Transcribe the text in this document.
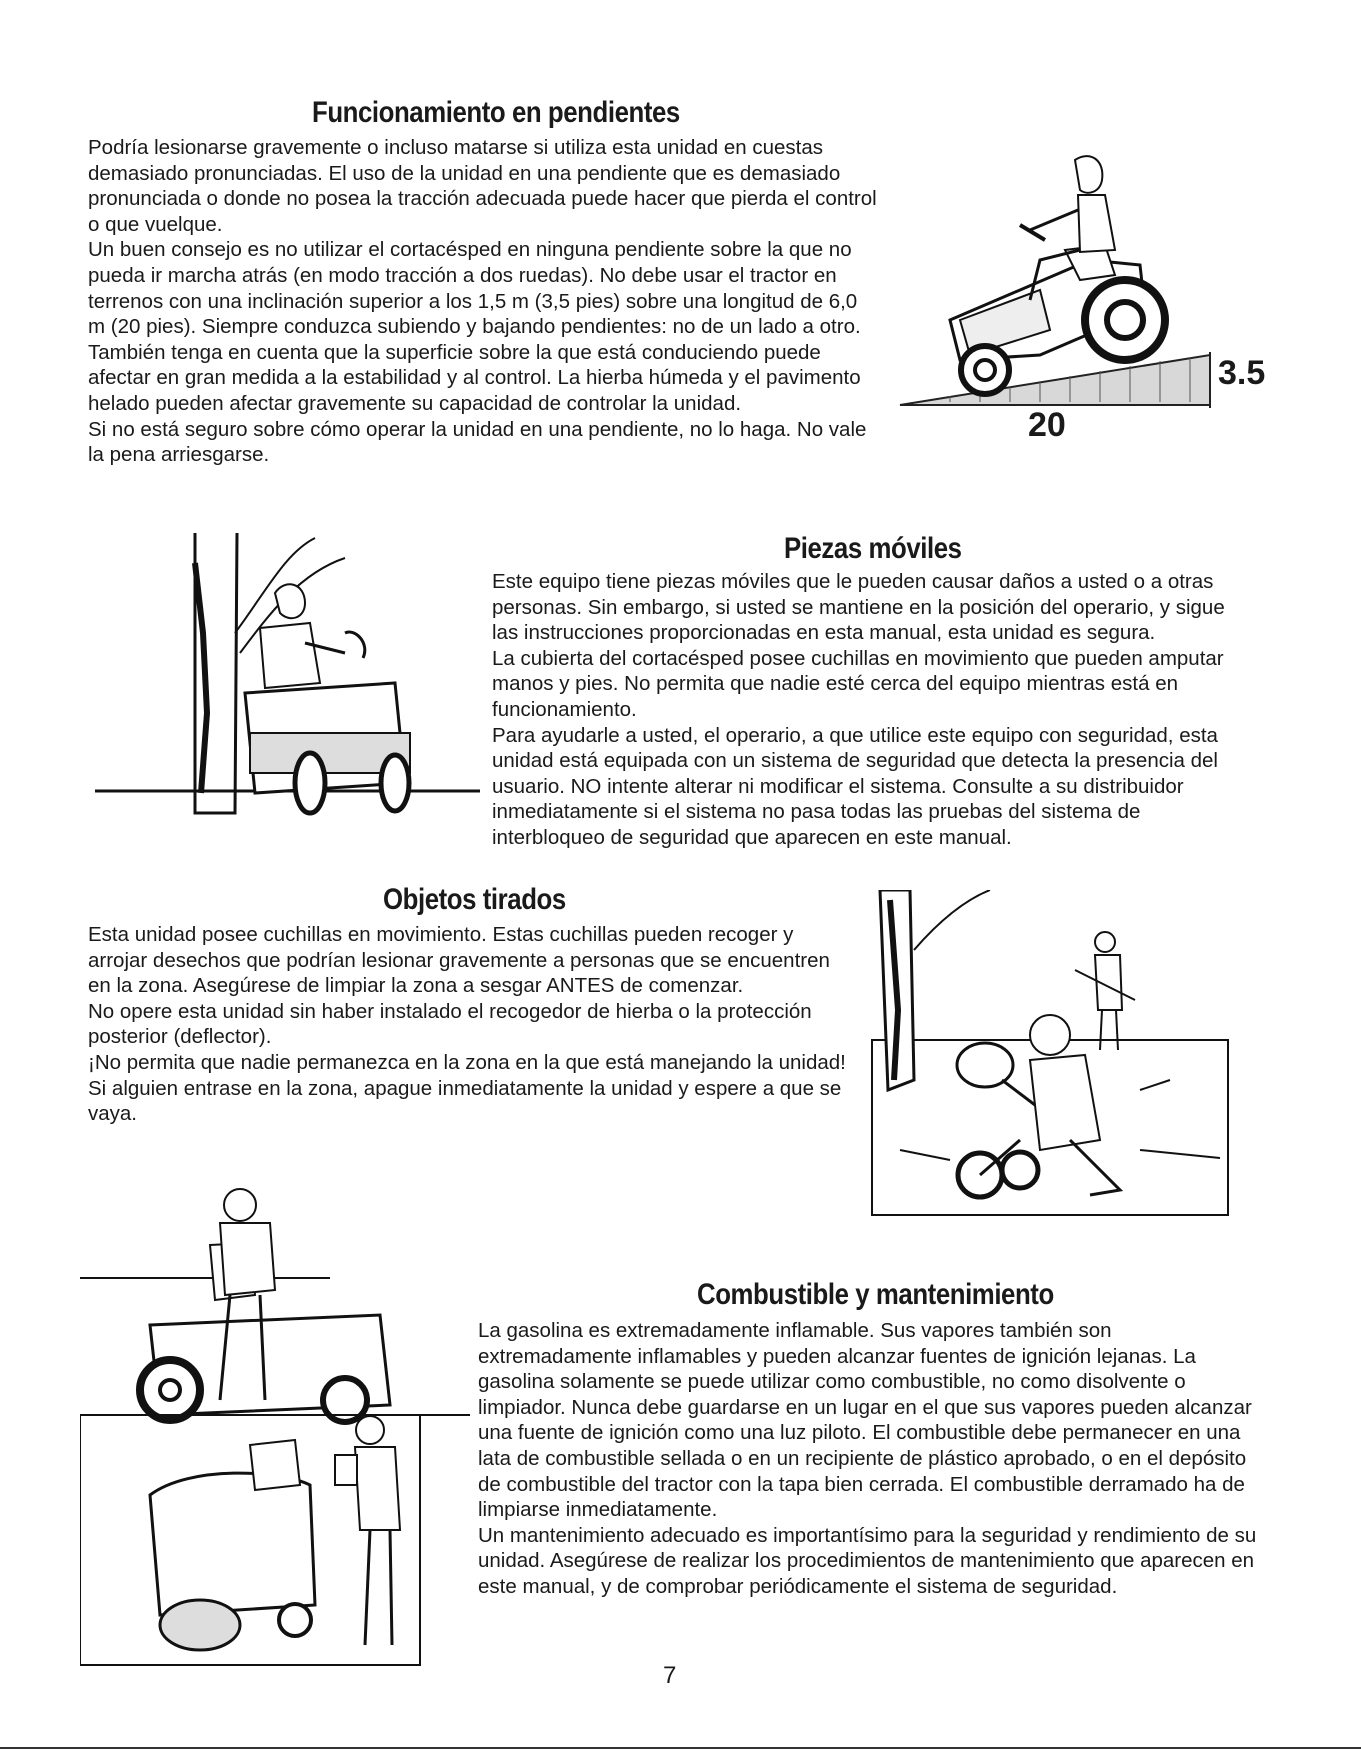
Funcionamiento en pendientes

Podría lesionarse gravemente o incluso matarse si utiliza esta unidad en cuestas demasiado pronunciadas. El uso de la unidad en una pendiente que es demasiado pronunciada o donde no posea la tracción adecuada puede hacer que pierda el control o que vuelque.

Un buen consejo es no utilizar el cortacésped en ninguna pendiente sobre la que no pueda ir marcha atrás (en modo tracción a dos ruedas). No debe usar el tractor en terrenos con una inclinación superior a los 1,5 m (3,5 pies) sobre una longitud de 6,0 m (20 pies). Siempre conduzca subiendo y bajando pendientes: no de un lado a otro.

También tenga en cuenta que la superficie sobre la que está conduciendo puede afectar en gran medida a la estabilidad y al control. La hierba húmeda y el pavimento helado pueden afectar gravemente su capacidad de controlar la unidad.

Si no está seguro sobre cómo operar la unidad en una pendiente, no lo haga. No vale la pena arriesgarse.

3.5
20
Piezas móviles

Este equipo tiene piezas móviles que le pueden causar daños a usted o a otras personas. Sin embargo, si usted se mantiene en la posición del operario, y sigue las instrucciones proporcionadas en esta manual, esta unidad es segura.

La cubierta del cortacésped posee cuchillas en movimiento que pueden amputar manos y pies. No permita que nadie esté cerca del equipo mientras está en funcionamiento.

Para ayudarle a usted, el operario, a que utilice este equipo con seguridad, esta unidad está equipada con un sistema de seguridad que detecta la presencia del usuario. NO intente alterar ni modificar el sistema. Consulte a su distribuidor inmediatamente si el sistema no pasa todas las pruebas del sistema de interbloqueo de seguridad que aparecen en este manual.

Objetos tirados

Esta unidad posee cuchillas en movimiento. Estas cuchillas pueden recoger y arrojar desechos que podrían lesionar gravemente a personas que se encuentren en la zona. Asegúrese de limpiar la zona a sesgar ANTES de comenzar.

No opere esta unidad sin haber instalado el recogedor de hierba o la protección posterior (deflector).

¡No permita que nadie permanezca en la zona en la que está manejando la unidad! Si alguien entrase en la zona, apague inmediatamente la unidad y espere a que se vaya.

Combustible y mantenimiento

La gasolina es extremadamente inflamable. Sus vapores también son extremadamente inflamables y pueden alcanzar fuentes de ignición lejanas. La gasolina solamente se puede utilizar como combustible, no como disolvente o limpiador. Nunca debe guardarse en un lugar en el que sus vapores pueden alcanzar una fuente de ignición como una luz piloto. El combustible debe permanecer en una lata de combustible sellada o en un recipiente de plástico aprobado, o en el depósito de combustible del tractor con la tapa bien cerrada. El combustible derramado ha de limpiarse inmediatamente.

Un mantenimiento adecuado es importantísimo para la seguridad y rendimiento de su unidad. Asegúrese de realizar los procedimientos de mantenimiento que aparecen en este manual, y de comprobar periódicamente el sistema de seguridad.

7
